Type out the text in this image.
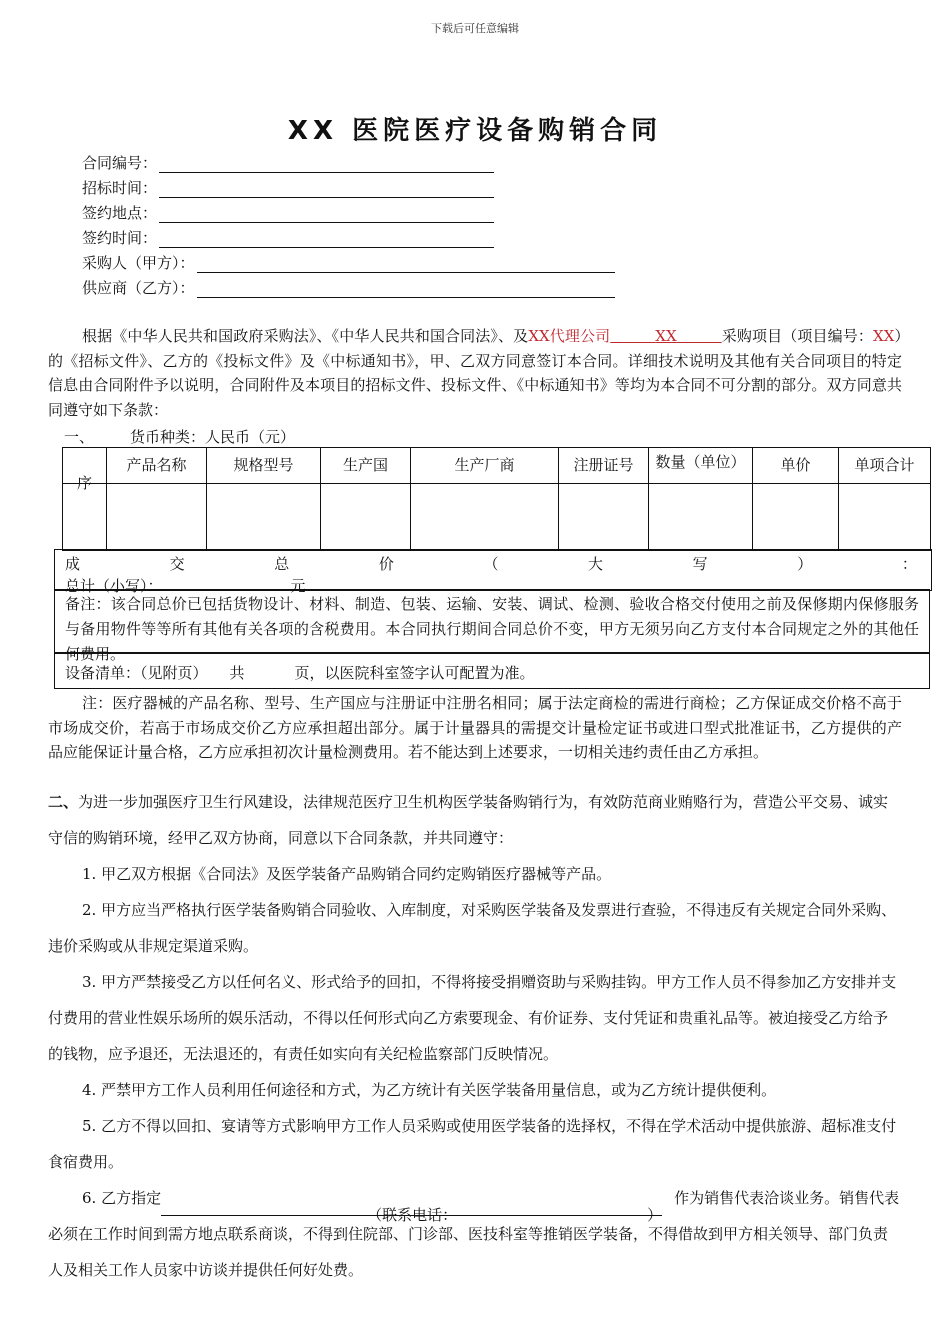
下载后可任意编辑
XX 医院医疗设备购销合同
合同编号：
招标时间：
签约地点：
签约时间：
采购人（甲方）：
供应商（乙方）：
根据《中华人民共和国政府采购法》、《中华人民共和国合同法》、及XX代理公司   	XX   	采购项目（项目编号：XX）的《招标文件》、乙方的《投标文件》及《中标通知书》，甲、乙双方同意签订本合同。详细技术说明及其他有关合同项目的特定信息由合同附件予以说明，合同附件及本项目的招标文件、投标文件、《中标通知书》等均为本合同不可分割的部分。双方同意共同遵守如下条款：
一、 货币种类：人民币（元）
序	产品名称	规格型号	生产国	生产厂商	注册证号	数量（单位）	单价	单项合计

成	交	总	价	（	大	写	）	：
总计（小写）：	元
备注：该合同总价已包括货物设计、材料、制造、包装、运输、安装、调试、检测、验收合格交付使用之前及保修期内保修服务与备用物件等等所有其他有关各项的含税费用。本合同执行期间合同总价不变，甲方无须另向乙方支付本合同规定之外的其他任何费用。
设备清单：（见附页） 共	页，以医院科室签字认可配置为准。
注：医疗器械的产品名称、型号、生产国应与注册证中注册名相同；属于法定商检的需进行商检；乙方保证成交价格不高于市场成交价，若高于市场成交价乙方应承担超出部分。属于计量器具的需提交计量检定证书或进口型式批准证书，乙方提供的产品应能保证计量合格，乙方应承担初次计量检测费用。若不能达到上述要求，一切相关违约责任由乙方承担。
二、为进一步加强医疗卫生行风建设，法律规范医疗卫生机构医学装备购销行为，有效防范商业贿赂行为，营造公平交易、诚实守信的购销环境，经甲乙双方协商，同意以下合同条款，并共同遵守：
1. 甲乙双方根据《合同法》及医学装备产品购销合同约定购销医疗器械等产品。
2. 甲方应当严格执行医学装备购销合同验收、入库制度，对采购医学装备及发票进行查验，不得违反有关规定合同外采购、违价采购或从非规定渠道采购。
3. 甲方严禁接受乙方以任何名义、形式给予的回扣，不得将接受捐赠资助与采购挂钩。甲方工作人员不得参加乙方安排并支付费用的营业性娱乐场所的娱乐活动，不得以任何形式向乙方索要现金、有价证券、支付凭证和贵重礼品等。被迫接受乙方给予的钱物，应予退还，无法退还的，有责任如实向有关纪检监察部门反映情况。
4. 严禁甲方工作人员利用任何途径和方式，为乙方统计有关医学装备用量信息，或为乙方统计提供便利。
5. 乙方不得以回扣、宴请等方式影响甲方工作人员采购或使用医学装备的选择权，不得在学术活动中提供旅游、超标准支付食宿费用。
6. 乙方指定（联系电话：	）作为销售代表洽谈业务。销售代表必须在工作时间到需方地点联系商谈，不得到住院部、门诊部、医技科室等推销医学装备，不得借故到甲方相关领导、部门负责人及相关工作人员家中访谈并提供任何好处费。
